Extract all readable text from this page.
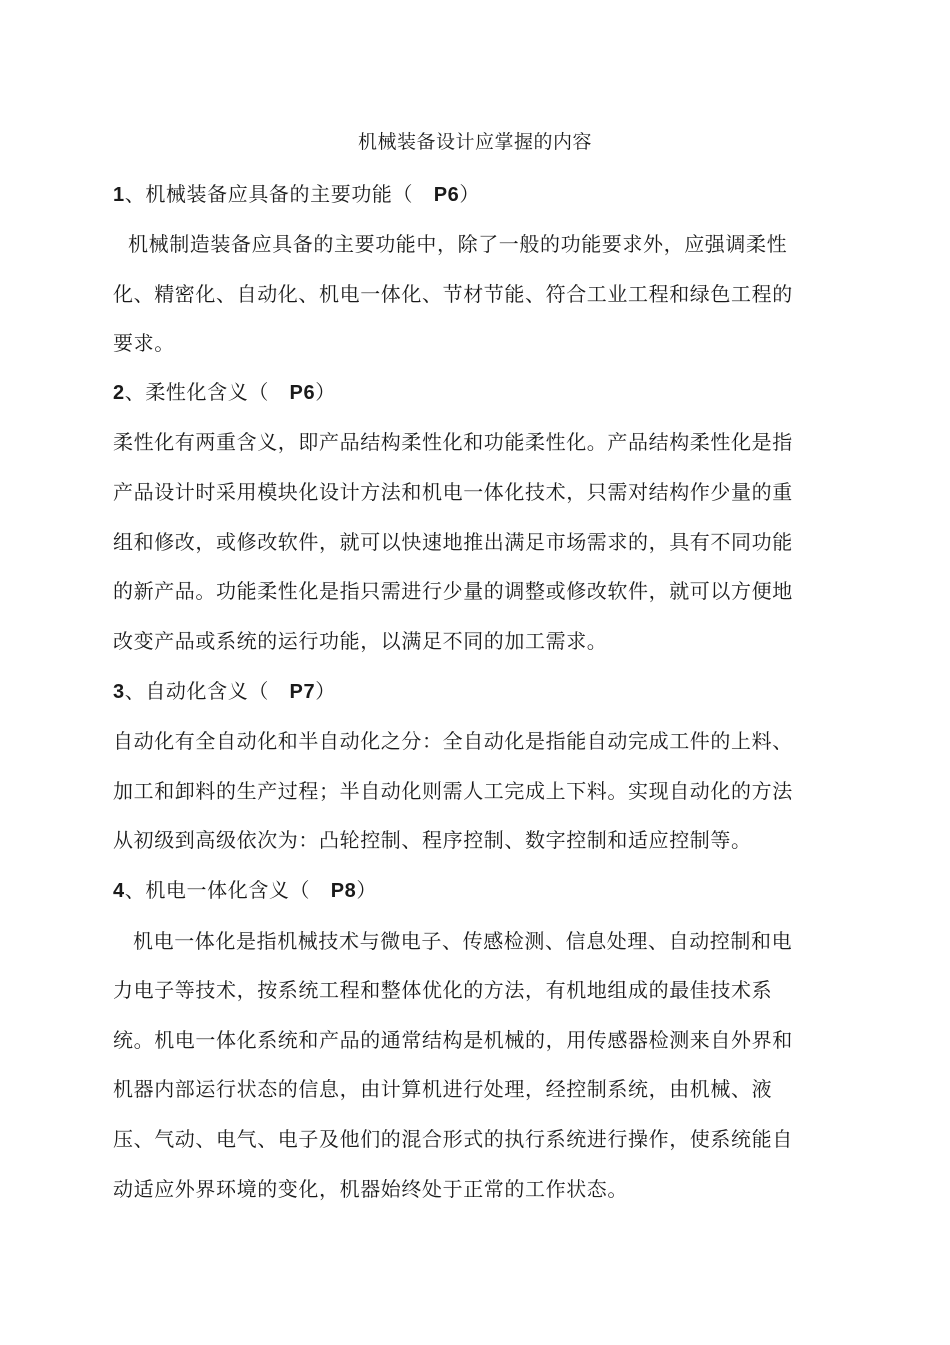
机械装备设计应掌握的内容
1、机械装备应具备的主要功能（　P6）
机械制造装备应具备的主要功能中，除了一般的功能要求外，应强调柔性
化、精密化、自动化、机电一体化、节材节能、符合工业工程和绿色工程的
要求。
2、柔性化含义（　P6）
柔性化有两重含义，即产品结构柔性化和功能柔性化。产品结构柔性化是指
产品设计时采用模块化设计方法和机电一体化技术，只需对结构作少量的重
组和修改，或修改软件，就可以快速地推出满足市场需求的，具有不同功能
的新产品。功能柔性化是指只需进行少量的调整或修改软件，就可以方便地
改变产品或系统的运行功能，以满足不同的加工需求。
3、自动化含义（　P7）
自动化有全自动化和半自动化之分：全自动化是指能自动完成工件的上料、
加工和卸料的生产过程；半自动化则需人工完成上下料。实现自动化的方法
从初级到高级依次为：凸轮控制、程序控制、数字控制和适应控制等。
4、机电一体化含义（　P8）
机电一体化是指机械技术与微电子、传感检测、信息处理、自动控制和电
力电子等技术，按系统工程和整体优化的方法，有机地组成的最佳技术系
统。机电一体化系统和产品的通常结构是机械的，用传感器检测来自外界和
机器内部运行状态的信息，由计算机进行处理，经控制系统，由机械、液
压、气动、电气、电子及他们的混合形式的执行系统进行操作，使系统能自
动适应外界环境的变化，机器始终处于正常的工作状态。
